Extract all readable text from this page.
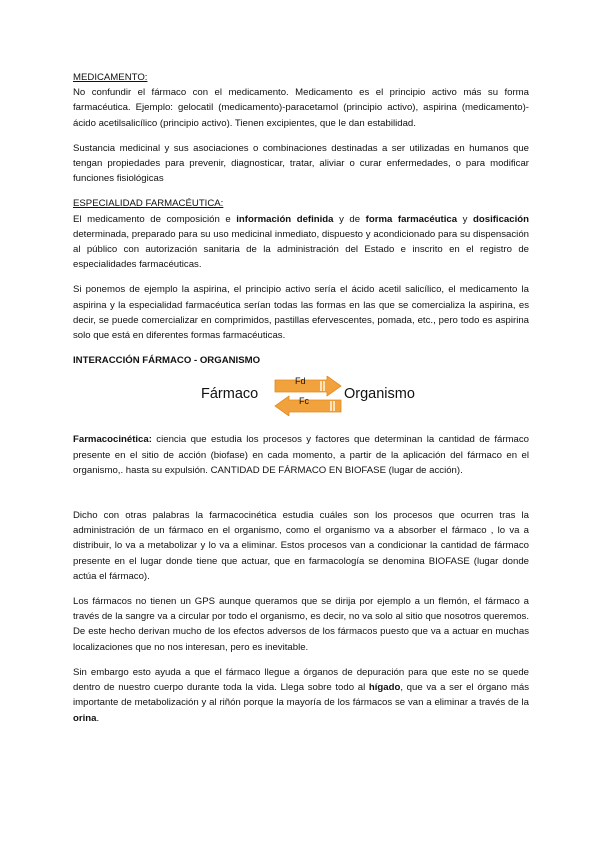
MEDICAMENTO:

No confundir el fármaco con el medicamento. Medicamento es el principio activo más su forma farmacéutica. Ejemplo: gelocatil (medicamento)-paracetamol (principio activo), aspirina (medicamento)-ácido acetilsalicílico (principio activo). Tienen excipientes, que le dan estabilidad.

Sustancia medicinal y sus asociaciones o combinaciones destinadas a ser utilizadas en humanos que tengan propiedades para prevenir, diagnosticar, tratar, aliviar o curar enfermedades, o para modificar funciones fisiológicas

ESPECIALIDAD FARMACÉUTICA:

El medicamento de composición e información definida y de forma farmacéutica y dosificación determinada, preparado para su uso medicinal inmediato, dispuesto y acondicionado para su dispensación al público con autorización sanitaria de la administración del Estado e inscrito en el registro de especialidades farmacéuticas.

Si ponemos de ejemplo la aspirina, el principio activo sería el ácido acetil salicílico, el medicamento la aspirina y la especialidad farmacéutica serían todas las formas en las que se comercializa la aspirina, es decir, se puede comercializar en comprimidos, pastillas efervescentes, pomada, etc., pero todo es aspirina solo que está en diferentes formas farmacéuticas.

INTERACCIÓN FÁRMACO - ORGANISMO
Fármaco
Fd
Fc Organismo

Farmacocinética: ciencia que estudia los procesos y factores que determinan la cantidad de fármaco presente en el sitio de acción (biofase) en cada momento, a partir de la aplicación del fármaco en el organismo,. hasta su expulsión. CANTIDAD DE FÁRMACO EN BIOFASE (lugar de acción).

Dicho con otras palabras la farmacocinética estudia cuáles son los procesos que ocurren tras la administración de un fármaco en el organismo, como el organismo va a absorber el fármaco , lo va a distribuir, lo va a metabolizar y lo va a eliminar. Estos procesos van a condicionar la cantidad de fármaco presente en el lugar donde tiene que actuar, que en farmacología se denomina BIOFASE (lugar donde actúa el fármaco).

Los fármacos no tienen un GPS aunque queramos que se dirija por ejemplo a un flemón, el fármaco a través de la sangre va a circular por todo el organismo, es decir, no va solo al sitio que nosotros queremos. De este hecho derivan mucho de los efectos adversos de los fármacos puesto que va a actuar en muchas localizaciones que no nos interesan, pero es inevitable.

Sin embargo esto ayuda a que el fármaco llegue a órganos de depuración para que este no se quede dentro de nuestro cuerpo durante toda la vida. Llega sobre todo al hígado, que va a ser el órgano más importante de metabolización y al riñón porque la mayoría de los fármacos se van a eliminar a través de la orina.
